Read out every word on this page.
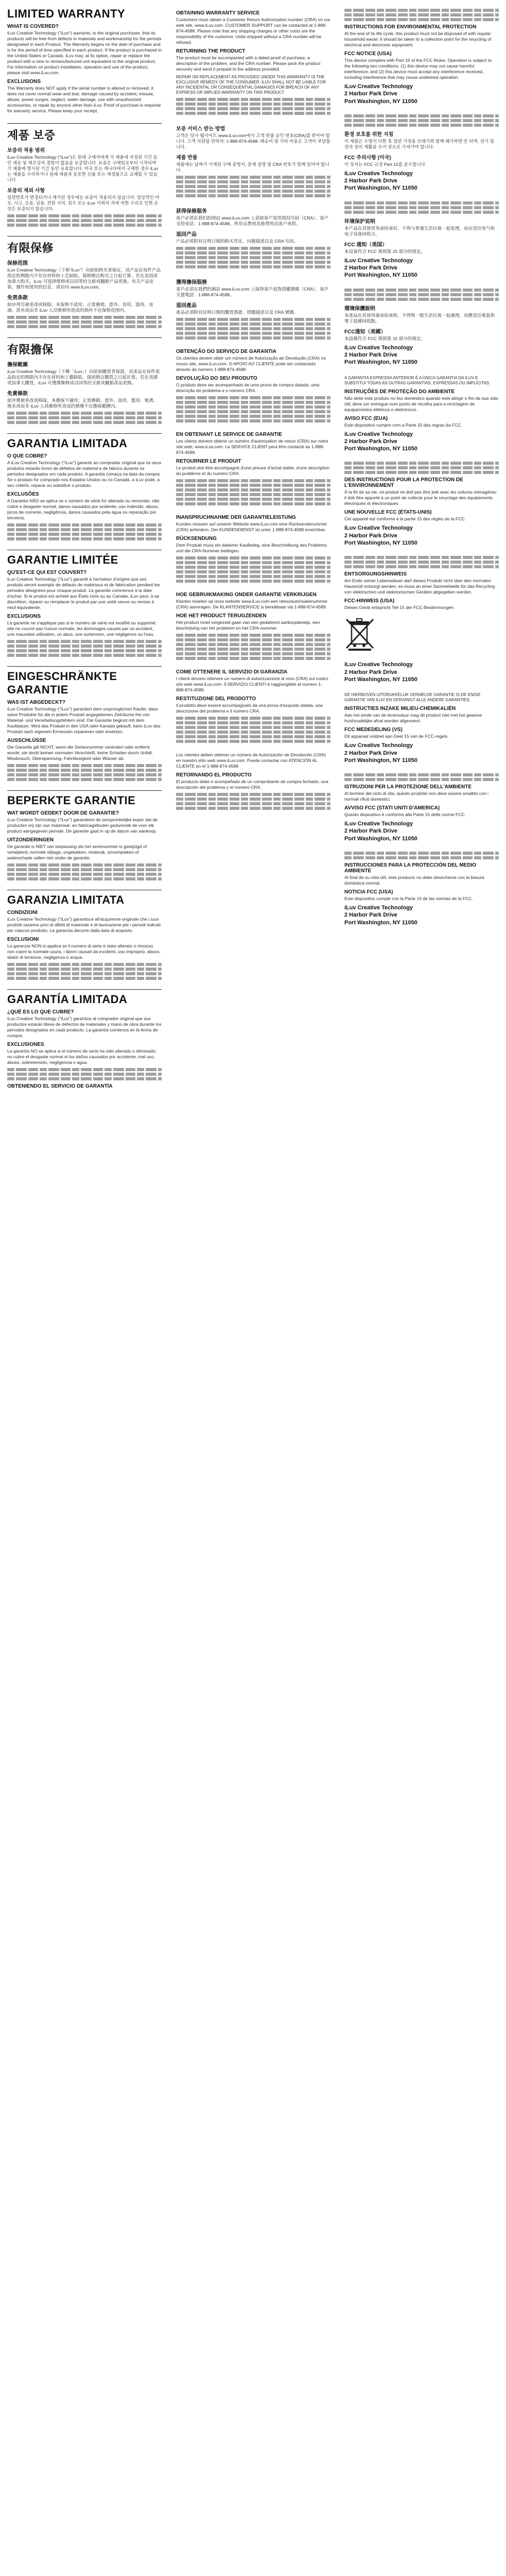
LIMITED WARRANTY
WHAT IS COVERED?

iLuv Creative Technology ("iLuv") warrants, to the original purchaser, that its products will be free from defects in materials and workmanship for the periods designated in each Product. The Warranty begins on the date of purchase and is for the period of time specified in each product. If the product is purchased in the United States or Canada, iLuv may, at its option, repair or replace the product with a new or remanufactured unit equivalent to the original product. For information on product installation, operation and use of the product, please visit www.iLuv.com.

EXCLUSIONS

The Warranty does NOT apply if the serial number is altered or removed; it does not cover normal wear and tear, damage caused by accident, misuse, abuse, power surges, neglect, water damage, use with unauthorized accessories, or repair by anyone other than iLuv. Proof of purchase is required for warranty service. Please keep your receipt.

제품 보증
보증의 적용 범위

iLuv Creative Technology ("iLuv")은 원래 구매자에게 각 제품에 지정된 기간 동안 재료 및 제조상의 결함이 없음을 보증합니다. 보증은 구매일로부터 시작되며 각 제품에 명시된 기간 동안 유효합니다. 미국 또는 캐나다에서 구매한 경우 iLuv는 제품을 수리하거나 원래 제품과 동등한 신품 또는 재생품으로 교체할 수 있습니다.

보증의 제외 사항

일련번호가 변경되거나 제거된 경우에는 보증이 적용되지 않습니다. 정상적인 마모, 사고, 오용, 남용, 전원 서지, 침수 또는 iLuv 이외의 자에 의한 수리로 인한 손상은 보증되지 않습니다.

有限保修
保修范围

iLuv Creative Technology（下称"iLuv"）向原始购买者保证，其产品在每件产品指定的期限内不存在材料和工艺缺陷。保修期自购买之日起计算。若在美国或加拿大购买，iLuv 可选择维修或以同等的全新或翻新产品更换。有关产品安装、操作和使用的信息，请访问 www.iLuv.com。

免责条款

如序列号被更改或移除，本保修不适用；正常磨损、意外、误用、滥用、电涌、进水或由非 iLuv 人员维修所造成的损坏不在保修范围内。

有限擔保
擔保範圍

iLuv Creative Technology（下稱「iLuv」）向原始購買者保證，其產品在每件產品指定的期限內不存在材料和工藝缺陷。保固期自購買之日起計算。若在美國或加拿大購買，iLuv 可選擇維修或以同等的全新或翻新產品更換。

免責條款

如序號被更改或移除，本擔保不適用；正常磨損、意外、誤用、濫用、電湧、進水或由非 iLuv 人員維修所造成的損壞不在擔保範圍內。

GARANTIA LIMITADA
O QUE COBRE?

A iLuv Creative Technology ("iLuv") garante ao comprador original que os seus produtos estarão livres de defeitos de material e de fabrico durante os períodos designados em cada produto. A garantia começa na data da compra. Se o produto for comprado nos Estados Unidos ou no Canadá, a iLuv pode, a seu critério, reparar ou substituir o produto.

EXCLUSÕES

A Garantia NÃO se aplica se o número de série for alterado ou removido; não cobre o desgaste normal, danos causados por acidente, uso indevido, abuso, picos de corrente, negligência, danos causados pela água ou reparação por terceiros.

GARANTIE LIMITÉE
QU'EST-CE QUI EST COUVERT?

iLuv Creative Technology ("iLuv") garantit à l'acheteur d'origine que ses produits seront exempts de défauts de matériaux et de fabrication pendant les périodes désignées pour chaque produit. La garantie commence à la date d'achat. Si le produit est acheté aux États-Unis ou au Canada, iLuv peut, à sa discrétion, réparer ou remplacer le produit par une unité neuve ou remise à neuf équivalente.

EXCLUSIONS

La garantie ne s'applique pas si le numéro de série est modifié ou supprimé; elle ne couvre pas l'usure normale, les dommages causés par un accident, une mauvaise utilisation, un abus, une surtension, une négligence ou l'eau.

EINGESCHRÄNKTE GARANTIE
WAS IST ABGEDECKT?

iLuv Creative Technology ("iLuv") garantiert dem ursprünglichen Käufer, dass seine Produkte für die in jedem Produkt angegebenen Zeiträume frei von Material- und Verarbeitungsfehlern sind. Die Garantie beginnt mit dem Kaufdatum. Wird das Produkt in den USA oder Kanada gekauft, kann iLuv das Produkt nach eigenem Ermessen reparieren oder ersetzen.

AUSSCHLÜSSE

Die Garantie gilt NICHT, wenn die Seriennummer verändert oder entfernt wurde; sie deckt keinen normalen Verschleiß, keine Schäden durch Unfall, Missbrauch, Überspannung, Fahrlässigkeit oder Wasser ab.

BEPERKTE GARANTIE
WAT WORDT GEDEKT DOOR DE GARANTIE?

iLuv Creative Technology ("iLuv") garandeert de oorspronkelijke koper dat de producten vrij zijn van materiaal- en fabricagefouten gedurende de voor elk product aangegeven periode. De garantie gaat in op de datum van aankoop.

UITZONDERINGEN

De garantie is NIET van toepassing als het serienummer is gewijzigd of verwijderd; normale slijtage, ongelukken, misbruik, stroompieken of waterschade vallen niet onder de garantie.

GARANZIA LIMITATA
CONDIZIONI

iLuv Creative Technology ("iLuv") garantisce all'acquirente originale che i suoi prodotti saranno privi di difetti di materiale e di lavorazione per i periodi indicati per ciascun prodotto. La garanzia decorre dalla data di acquisto.

ESCLUSIONI

La garanzia NON si applica se il numero di serie è stato alterato o rimosso; non copre la normale usura, i danni causati da incidenti, uso improprio, abuso, sbalzi di tensione, negligenza o acqua.

GARANTÍA LIMITADA
¿QUÉ ES LO QUE CUBRE?

iLuv Creative Technology ("iLuv") garantiza al comprador original que sus productos estarán libres de defectos de materiales y mano de obra durante los períodos designados en cada producto. La garantía comienza en la fecha de compra.

EXCLUSIONES

La garantía NO se aplica si el número de serie ha sido alterado o eliminado; no cubre el desgaste normal ni los daños causados por accidente, mal uso, abuso, sobretensión, negligencia o agua.

OBTENIENDO EL SERVICIO DE GARANTÍA
OBTAINING WARRANTY SERVICE

Customers must obtain a Customer Return Authorization number (CRA) on our web site, www.iLuv.com. CUSTOMER SUPPORT can be contacted at 1-888-874-4588. Please note that any shipping charges or other costs are the responsibility of the customer. Units shipped without a CRA number will be refused.

RETURNING THE PRODUCT

The product must be accompanied with a dated proof of purchase, a description of the problem, and the CRA number. Please pack the product securely and send it prepaid to the address provided.

REPAIR OR REPLACEMENT AS PROVIDED UNDER THIS WARRANTY IS THE EXCLUSIVE REMEDY OF THE CONSUMER. ILUV SHALL NOT BE LIABLE FOR ANY INCIDENTAL OR CONSEQUENTIAL DAMAGES FOR BREACH OF ANY EXPRESS OR IMPLIED WARRANTY ON THIS PRODUCT.

보증 서비스 받는 방법

고객은 당사 웹사이트 www.iLuv.com에서 고객 반품 승인 번호(CRA)를 받아야 합니다. 고객 지원팀 연락처: 1-888-874-4588. 배송비 및 기타 비용은 고객이 부담합니다.

제품 반품

제품에는 날짜가 기재된 구매 증명서, 문제 설명 및 CRA 번호가 함께 있어야 합니다.

获得保修服务

客户必须在我们的网站 www.iLuv.com 上获取客户退货授权号码（CRA）。客户支持电话：1-888-874-4588。所有运费或其他费用由客户承担。

退回产品

产品必须附有注明日期的购买凭证、问题描述以及 CRA 号码。

獲得擔保服務

客戶必須在我們的網站 www.iLuv.com 上取得客戶退貨授權號碼（CRA）。客戶支援電話：1-888-874-4588。

退回產品

產品必須附有註明日期的購買憑證、問題描述以及 CRA 號碼。

OBTENÇÃO DO SERVIÇO DE GARANTIA

Os clientes devem obter um número de Autorização de Devolução (CRA) no nosso site, www.iLuv.com. O APOIO AO CLIENTE pode ser contactado através do número 1-888-874-4588.

DEVOLUÇÃO DO SEU PRODUTO

O produto deve ser acompanhado de uma prova de compra datada, uma descrição do problema e o número CRA.

EN OBTENANT LE SERVICE DE GARANTIE

Les clients doivent obtenir un numéro d'autorisation de retour (CRA) sur notre site web, www.iLuv.com. Le SERVICE CLIENT peut être contacté au 1-888-874-4588.

RETOURNER LE PRODUIT

Le produit doit être accompagné d'une preuve d'achat datée, d'une description du problème et du numéro CRA.

INANSPRUCHNAHME DER GARANTIELEISTUNG

Kunden müssen auf unserer Website www.iLuv.com eine Rücksendenummer (CRA) anfordern. Der KUNDENDIENST ist unter 1-888-874-4588 erreichbar.

RÜCKSENDUNG

Dem Produkt muss ein datierter Kaufbeleg, eine Beschreibung des Problems und die CRA-Nummer beiliegen.

HOE GEBRUIKMAKING ONDER GARANTIE VERKRIJGEN

Klanten moeten op onze website www.iLuv.com een retourautorisatienummer (CRA) aanvragen. De KLANTENSERVICE is bereikbaar via 1-888-874-4588.

HOE HET PRODUCT TERUGZENDEN

Het product moet vergezeld gaan van een gedateerd aankoopbewijs, een beschrijving van het probleem en het CRA-nummer.

COME OTTENERE IL SERVIZIO DI GARANZIA

I clienti devono ottenere un numero di autorizzazione al reso (CRA) sul nostro sito web www.iLuv.com. Il SERVIZIO CLIENTI è raggiungibile al numero 1-888-874-4588.

RESTITUZIONE DEL PRODOTTO

Il prodotto deve essere accompagnato da una prova d'acquisto datata, una descrizione del problema e il numero CRA.

Los clientes deben obtener un número de Autorización de Devolución (CRA) en nuestro sitio web www.iLuv.com. Puede contactar con ATENCIÓN AL CLIENTE en el 1-888-874-4588.

RETORNANDO EL PRODUCTO

El producto debe ir acompañado de un comprobante de compra fechado, una descripción del problema y el número CRA.

INSTRUCTIONS FOR ENVIRONMENTAL PROTECTION

At the end of its life cycle, this product must not be disposed of with regular household waste; it should be taken to a collection point for the recycling of electrical and electronic equipment.

FCC NOTICE (USA)

This device complies with Part 15 of the FCC Rules. Operation is subject to the following two conditions: (1) this device may not cause harmful interference, and (2) this device must accept any interference received, including interference that may cause undesired operation.

iLuv Creative Technology
2 Harbor Park Drive
Port Washington, NY 11050
환경 보호를 위한 지침

이 제품은 수명이 다한 후 일반 가정용 쓰레기와 함께 폐기하면 안 되며, 전기 및 전자 장비 재활용 수거 장소로 가져가야 합니다.

FCC 주의사항 (미국)

이 장치는 FCC 규정 Part 15를 준수합니다.

iLuv Creative Technology
2 Harbor Park Drive
Port Washington, NY 11050
环境保护说明

本产品在其使用寿命结束时，不得与普通生活垃圾一起处理，而应送往电气和电子设备回收点。

FCC 通知（美国）

本设备符合 FCC 规则第 15 部分的规定。

iLuv Creative Technology
2 Harbor Park Drive
Port Washington, NY 11050
環境保護說明

本產品在其使用壽命結束時，不得與一般生活垃圾一起處理，而應送往電氣和電子設備回收點。

FCC通知（美國）

本設備符合 FCC 規則第 15 部分的規定。

iLuv Creative Technology
2 Harbor Park Drive
Port Washington, NY 11050

A GARANTIA EXPRESSA ANTERIOR É A ÚNICA GARANTIA DA ILUV E SUBSTITUI TODAS AS OUTRAS GARANTIAS, EXPRESSAS OU IMPLÍCITAS.

INSTRUÇÕES DE PROTEÇÃO DO AMBIENTE

Não deite este produto no lixo doméstico quando este atingir o fim da sua vida útil; deve ser entregue num ponto de recolha para a reciclagem de equipamentos elétricos e eletrónicos.

AVISO FCC (EUA)

Este dispositivo cumpre com a Parte 15 das regras da FCC.

iLuv Creative Technology
2 Harbor Park Drive
Port Washington, NY 11050
DES INSTRUCTIONS POUR LA PROTECTION DE L'ENVIRONNEMENT

À la fin de sa vie, ce produit ne doit pas être jeté avec les ordures ménagères; il doit être apporté à un point de collecte pour le recyclage des équipements électriques et électroniques.

UNE NOUVELLE FCC (ÉTATS-UNIS)

Cet appareil est conforme à la partie 15 des règles de la FCC.

iLuv Creative Technology
2 Harbor Park Drive
Port Washington, NY 11050
ENTSORGUNGSHINWEIS

Am Ende seiner Lebensdauer darf dieses Produkt nicht über den normalen Hausmüll entsorgt werden; es muss an einer Sammelstelle für das Recycling von elektrischen und elektronischen Geräten abgegeben werden.

FCC-HINWEIS (USA)

Dieses Gerät entspricht Teil 15 der FCC-Bestimmungen.

iLuv Creative Technology
2 Harbor Park Drive
Port Washington, NY 11050

DE HIERBOVEN UITDRUKKELIJK VERMELDE GARANTIE IS DE ENIGE GARANTIE VAN ILUV EN VERVANGT ALLE ANDERE GARANTIES.

INSTRUCTIES INZAKE MILIEU-CHEMIKALIËN

Aan het einde van de levensduur mag dit product niet met het gewone huishoudelijke afval worden afgevoerd.

FCC MEDEDELING (VS)

Dit apparaat voldoet aan Deel 15 van de FCC-regels.

iLuv Creative Technology
2 Harbor Park Drive
Port Washington, NY 11050
ISTRUZIONI PER LA PROTEZIONE DELL'AMBIENTE

Al termine del ciclo di vita, questo prodotto non deve essere smaltito con i normali rifiuti domestici.

AVVISO FCC (STATI UNITI D'AMERICA)

Questo dispositivo è conforme alla Parte 15 delle norme FCC.

iLuv Creative Technology
2 Harbor Park Drive
Port Washington, NY 11050
INSTRUCCIONES PARA LA PROTECCIÓN DEL MEDIO AMBIENTE

Al final de su vida útil, este producto no debe desecharse con la basura doméstica normal.

NOTICIA FCC (USA)

Este dispositivo cumple con la Parte 15 de las normas de la FCC.

iLuv Creative Technology
2 Harbor Park Drive
Port Washington, NY 11050
